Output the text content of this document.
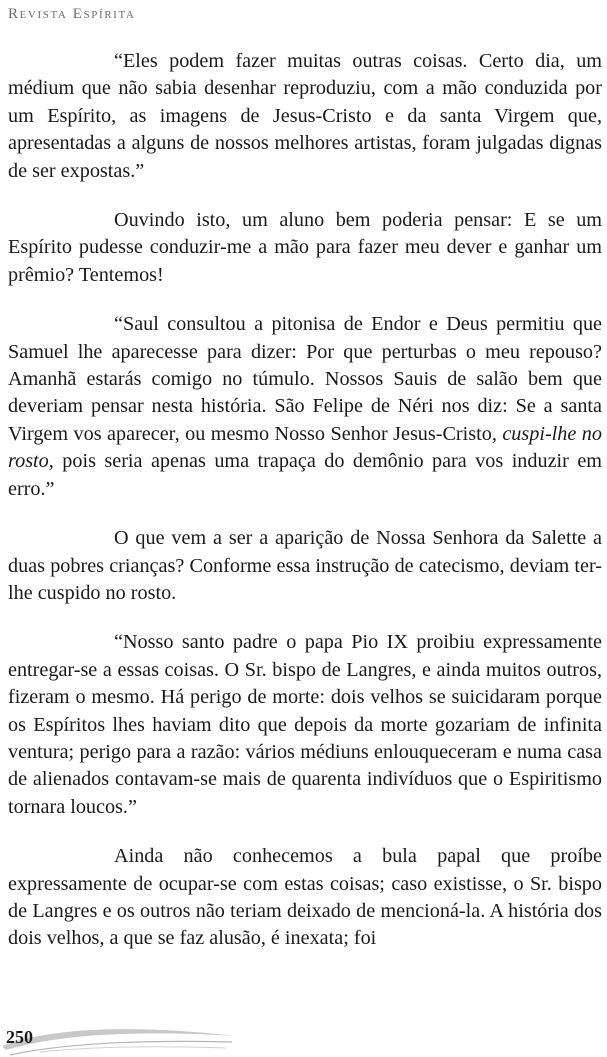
Revista Espírita

“Eles podem fazer muitas outras coisas. Certo dia, um médium que não sabia desenhar reproduziu, com a mão conduzida por um Espírito, as imagens de Jesus-Cristo e da santa Virgem que, apresentadas a alguns de nossos melhores artistas, foram julgadas dignas de ser expostas.”

Ouvindo isto, um aluno bem poderia pensar: E se um Espírito pudesse conduzir-me a mão para fazer meu dever e ganhar um prêmio? Tentemos!

“Saul consultou a pitonisa de Endor e Deus permitiu que Samuel lhe aparecesse para dizer: Por que perturbas o meu repouso? Amanhã estarás comigo no túmulo. Nossos Sauis de salão bem que deveriam pensar nesta história. São Felipe de Néri nos diz: Se a santa Virgem vos aparecer, ou mesmo Nosso Senhor Jesus-Cristo, cuspi-lhe no rosto, pois seria apenas uma trapaça do demônio para vos induzir em erro.”

O que vem a ser a aparição de Nossa Senhora da Salette a duas pobres crianças? Conforme essa instrução de catecismo, deviam ter-lhe cuspido no rosto.

“Nosso santo padre o papa Pio IX proibiu expressamente entregar-se a essas coisas. O Sr. bispo de Langres, e ainda muitos outros, fizeram o mesmo. Há perigo de morte: dois velhos se suicidaram porque os Espíritos lhes haviam dito que depois da morte gozariam de infinita ventura; perigo para a razão: vários médiuns enlouqueceram e numa casa de alienados contavam-se mais de quarenta indivíduos que o Espiritismo tornara loucos.”

Ainda não conhecemos a bula papal que proíbe expressamente de ocupar-se com estas coisas; caso existisse, o Sr. bispo de Langres e os outros não teriam deixado de mencioná-la. A história dos dois velhos, a que se faz alusão, é inexata; foi

250
